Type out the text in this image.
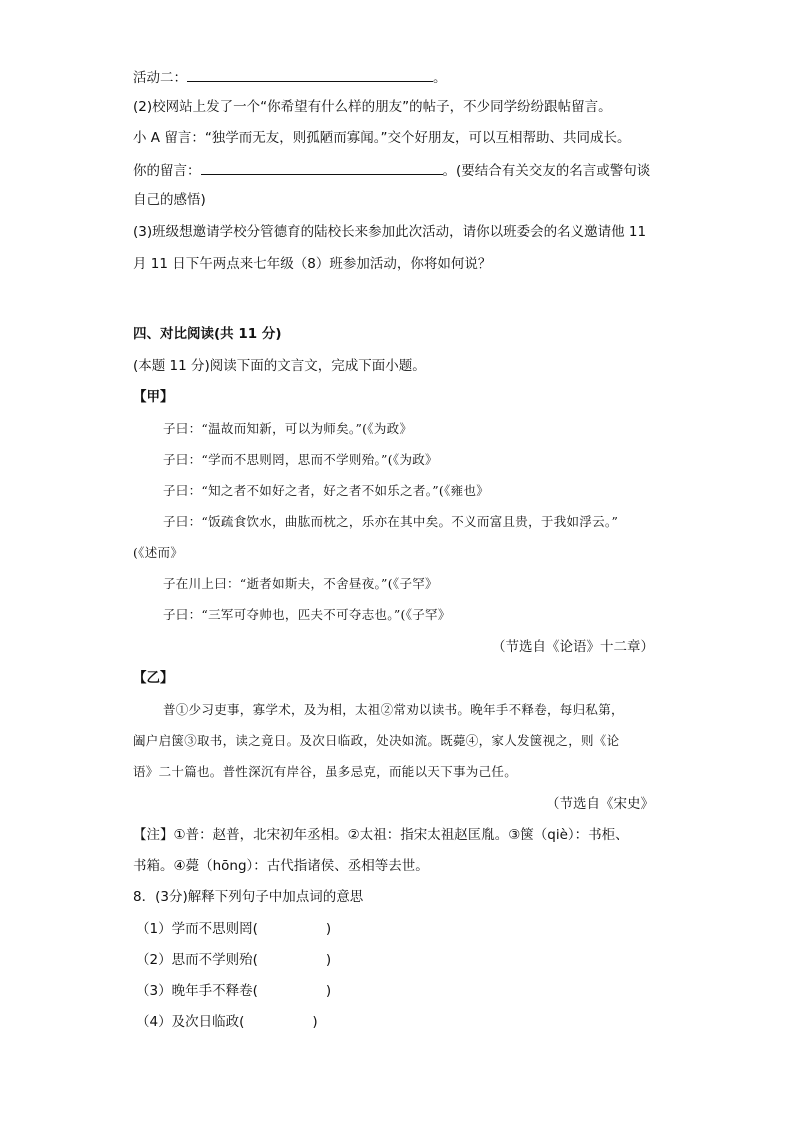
活动二：	。
(2)校网站上发了一个“你希望有什么样的朋友”的帖子，不少同学纷纷跟帖留言。
小 A 留言：“独学而无友，则孤陋而寡闻。”交个好朋友，可以互相帮助、共同成长。
你的留言：	。(要结合有关交友的名言或警句谈
自己的感悟)
(3)班级想邀请学校分管德育的陆校长来参加此次活动，请你以班委会的名义邀请他 11
月 11 日下午两点来七年级（8）班参加活动，你将如何说？
四、对比阅读(共 11 分)
(本题 11 分)阅读下面的文言文，完成下面小题。
【甲】
子曰：“温故而知新，可以为师矣。”(《为政》
子曰：“学而不思则罔，思而不学则殆。”(《为政》
子曰：“知之者不如好之者，好之者不如乐之者。”(《雍也》
子曰：“饭疏食饮水，曲肱而枕之，乐亦在其中矣。不义而富且贵，于我如浮云。”
(《述而》
子在川上曰：“逝者如斯夫，不舍昼夜。”(《子罕》
子曰：“三军可夺帅也，匹夫不可夺志也。”(《子罕》
（节选自《论语》十二章）
【乙】
普①少习吏事，寡学术，及为相，太祖②常劝以读书。晚年手不释卷，每归私第，
阖户启箧③取书，读之竟日。及次日临政，处决如流。既薨④，家人发箧视之，则《论
语》二十篇也。普性深沉有岸谷，虽多忌克，而能以天下事为己任。
（节选自《宋史》
【注】①普：赵普，北宋初年丞相。②太祖：指宋太祖赵匡胤。③箧（qiè）：书柜、
书箱。④薨（hōng）：古代指诸侯、丞相等去世。
8．(3分)解释下列句子中加点词的意思
（1）学而不思则罔(	)
（2）思而不学则殆(	)
（3）晚年手不释卷(	)
（4）及次日临政(	)
